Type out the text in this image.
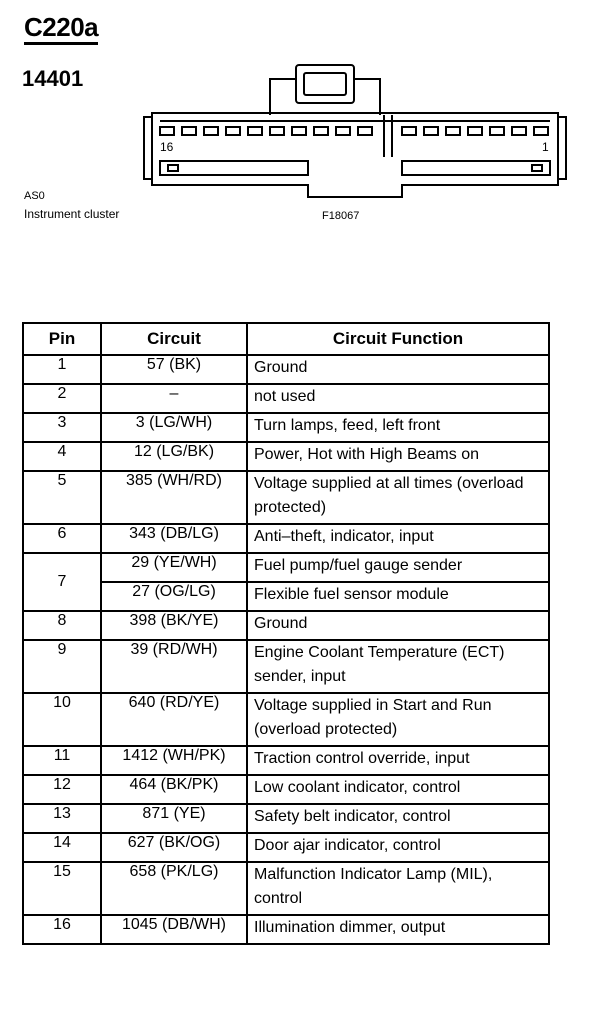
C220a
14401
16	1
AS0
Instrument cluster	F18067
Pin	Circuit	Circuit Function
1	57 (BK)	Ground
2	–	not used
3	3 (LG/WH)	Turn lamps, feed, left front
4	12 (LG/BK)	Power, Hot with High Beams on
5	385 (WH/RD)	Voltage supplied at all times (overload protected)
6	343 (DB/LG)	Anti–theft, indicator, input
7	29 (YE/WH)	Fuel pump/fuel gauge sender
	27 (OG/LG)	Flexible fuel sensor module
8	398 (BK/YE)	Ground
9	39 (RD/WH)	Engine Coolant Temperature (ECT) sender, input
10	640 (RD/YE)	Voltage supplied in Start and Run (overload protected)
11	1412 (WH/PK)	Traction control override, input
12	464 (BK/PK)	Low coolant indicator, control
13	871 (YE)	Safety belt indicator, control
14	627 (BK/OG)	Door ajar indicator, control
15	658 (PK/LG)	Malfunction Indicator Lamp (MIL), control
16	1045 (DB/WH)	Illumination dimmer, output
